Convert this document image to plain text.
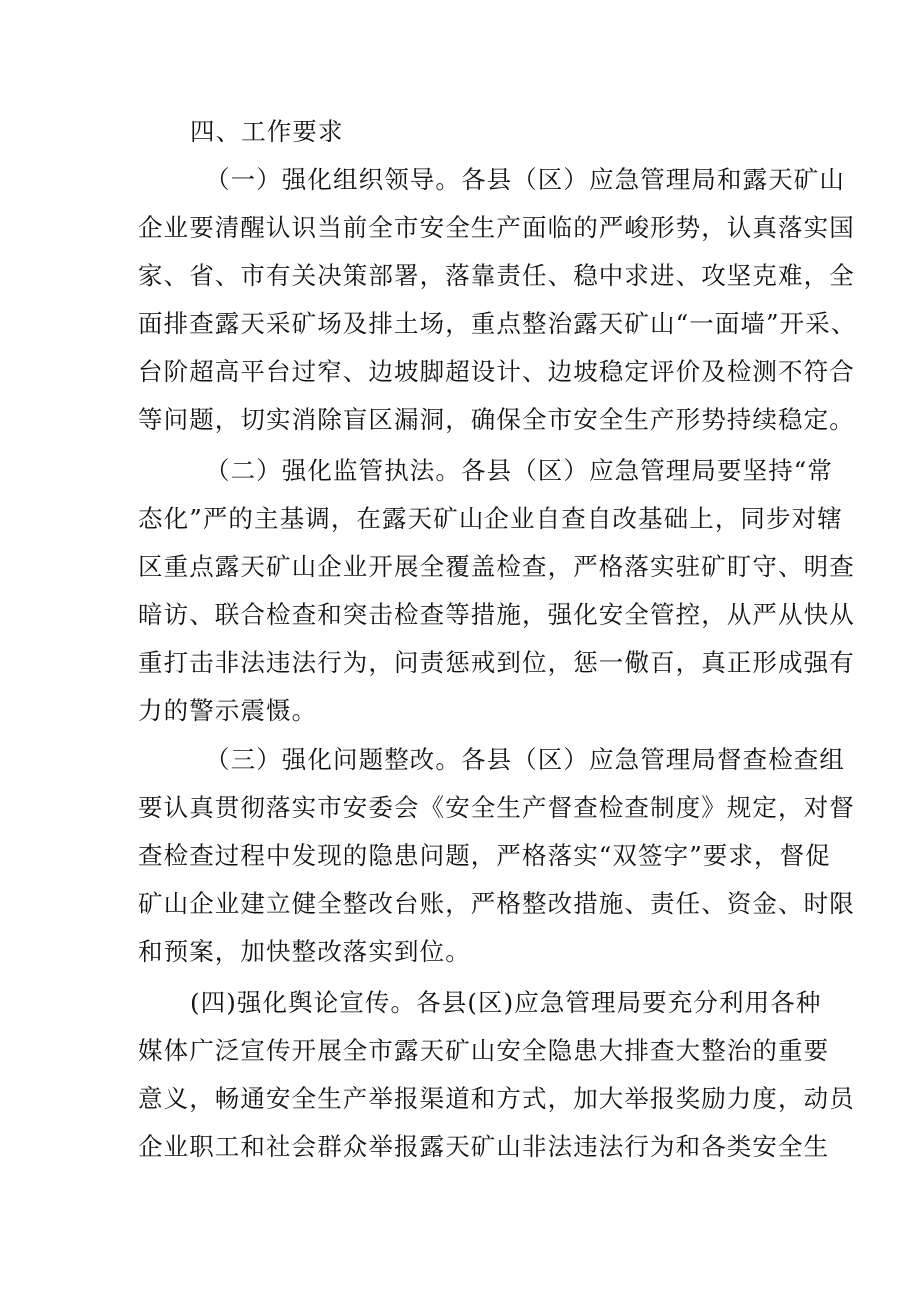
四、工作要求
（一）强化组织领导。各县（区）应急管理局和露天矿山
企业要清醒认识当前全市安全生产面临的严峻形势，认真落实国
家、省、市有关决策部署，落靠责任、稳中求进、攻坚克难，全
面排查露天采矿场及排土场，重点整治露天矿山“一面墙”开采、
台阶超高平台过窄、边坡脚超设计、边坡稳定评价及检测不符合
等问题，切实消除盲区漏洞，确保全市安全生产形势持续稳定。
（二）强化监管执法。各县（区）应急管理局要坚持“常
态化”严的主基调，在露天矿山企业自查自改基础上，同步对辖
区重点露天矿山企业开展全覆盖检查，严格落实驻矿盯守、明查
暗访、联合检查和突击检查等措施，强化安全管控，从严从快从
重打击非法违法行为，问责惩戒到位，惩一儆百，真正形成强有
力的警示震慑。
（三）强化问题整改。各县（区）应急管理局督查检查组
要认真贯彻落实市安委会《安全生产督查检查制度》规定，对督
查检查过程中发现的隐患问题，严格落实“双签字”要求，督促
矿山企业建立健全整改台账，严格整改措施、责任、资金、时限
和预案，加快整改落实到位。
(四)强化舆论宣传。各县(区)应急管理局要充分利用各种
媒体广泛宣传开展全市露天矿山安全隐患大排查大整治的重要
意义，畅通安全生产举报渠道和方式，加大举报奖励力度，动员
企业职工和社会群众举报露天矿山非法违法行为和各类安全生
